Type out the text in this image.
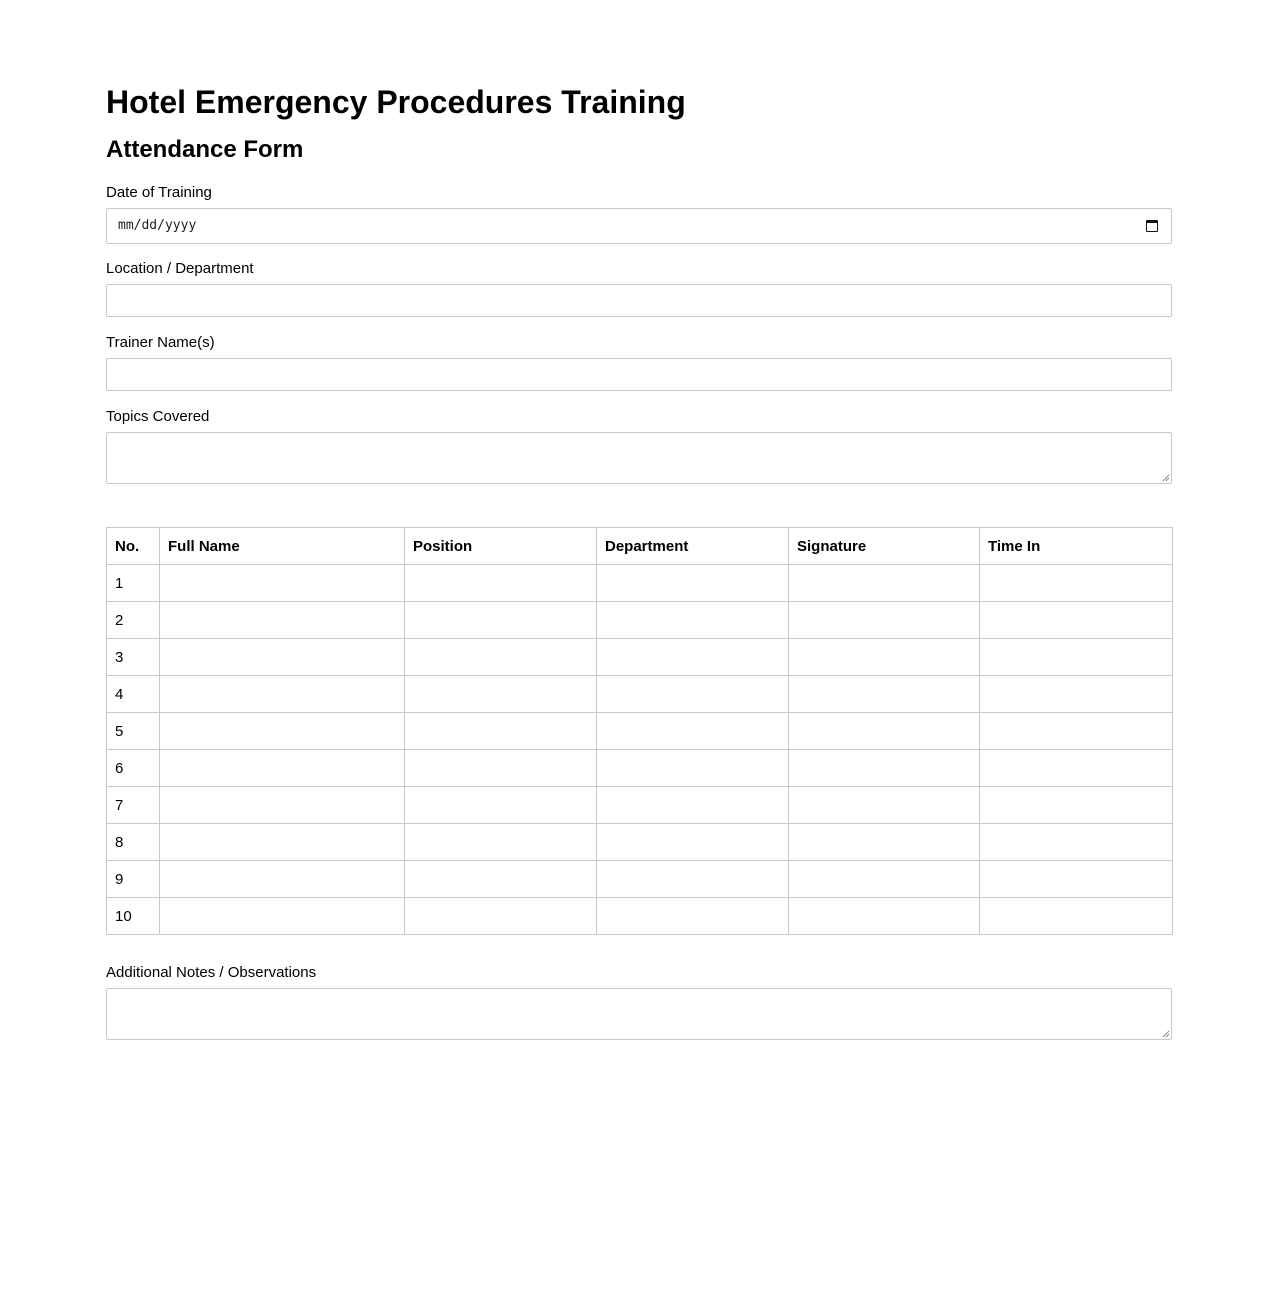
Hotel Emergency Procedures Training
Attendance Form
Date of Training
mm/dd/yyyy
Location / Department
Trainer Name(s)
Topics Covered
No.	Full Name	Position	Department	Signature	Time In
1					
2					
3					
4					
5					
6					
7					
8					
9					
10					
Additional Notes / Observations
